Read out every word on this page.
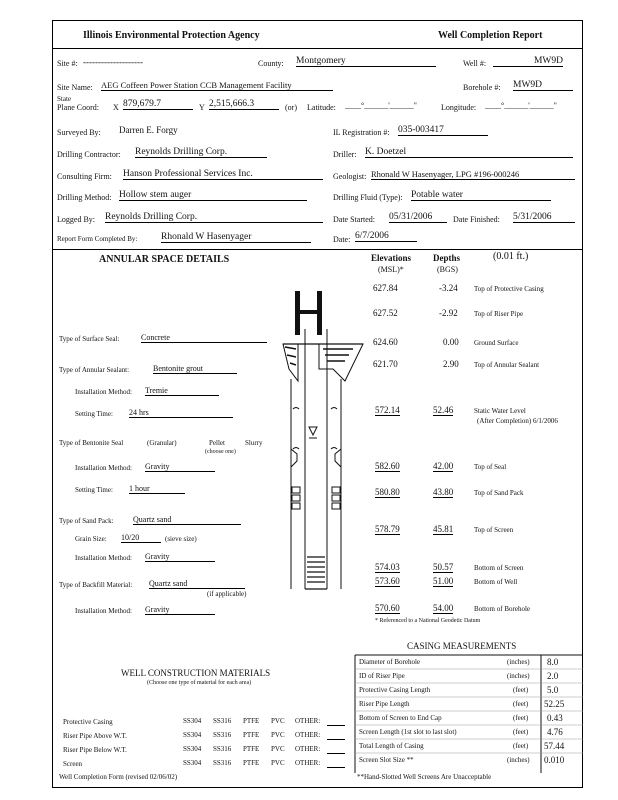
Illinois Environmental Protection Agency	Well Completion Report
Site #: --------------------	County: Montgomery	Well #:	MW9D
Site Name: AEG Coffeen Power Station CCB Management Facility	Borehole #: MW9D
State
Plane Coord: X 879,679.7	Y 2,515,666.3	(or) Latitude: ____°______'______"	Longitude: ____°______'______"
Surveyed By: Darren E. Forgy	IL Registration #: 035-003417
Drilling Contractor: Reynolds Drilling Corp.	Driller: K. Doetzel
Consulting Firm: Hanson Professional Services Inc.	Geologist: Rhonald W Hasenyager, LPG #196-000246
Drilling Method: Hollow stem auger	Drilling Fluid (Type): Potable water
Logged By: Reynolds Drilling Corp.	Date Started: 05/31/2006	Date Finished: 5/31/2006
Report Form Completed By: Rhonald W Hasenyager	Date: 6/7/2006
ANNULAR SPACE DETAILS	Elevations
(MSL)*
Depths
(BGS)
(0.01 ft.)
627.84	-3.24 Top of Protective Casing
627.52	-2.92 Top of Riser Pipe
624.60	0.00 Ground Surface
621.70	2.90 Top of Annular Sealant
572.14	52.46	Static Water Level
(After Completion) 6/1/2006
582.60	42.00	Top of Seal
580.80	43.80	Top of Sand Pack
578.79	45.81	Top of Screen
574.03	50.57	Bottom of Screen
573.60	51.00	Bottom of Well
570.60	54.00	Bottom of Borehole
* Referenced to a National Geodetic Datum
Type of Surface Seal:	Concrete
Type of Annular Sealant:	Bentonite grout
Installation Method: Tremie
Setting Time: 24 hrs
Type of Bentonite Seal	(Granular)	Pellet	Slurry
(choose one)
Installation Method: Gravity
Setting Time: 1 hour
Type of Sand Pack: Quartz sand
Grain Size: 10/20	(sieve size)
Installation Method: Gravity
Type of Backfill Material: Quartz sand
(if applicable)
Installation Method: Gravity
CASING MEASUREMENTS
Diameter of Borehole	(inches) 8.0
ID of Riser Pipe	(inches) 2.0
Protective Casing Length	(feet) 5.0
Riser Pipe Length	(feet) 52.25
Bottom of Screen to End Cap	(feet) 0.43
Screen Length (1st slot to last slot)	(feet) 4.76
Total Length of Casing	(feet) 57.44
Screen Slot Size **	(inches) 0.010
**Hand-Slotted Well Screens Are Unacceptable
WELL CONSTRUCTION MATERIALS
(Choose one type of material for each area)
Protective Casing	SS304 SS316 PTFE PVC OTHER:
Riser Pipe Above W.T.	SS304 SS316 PTFE PVC OTHER:
Riser Pipe Below W.T.	SS304 SS316 PTFE PVC OTHER:
Screen	SS304 SS316 PTFE PVC OTHER:
Well Completion Form (revised 02/06/02)
